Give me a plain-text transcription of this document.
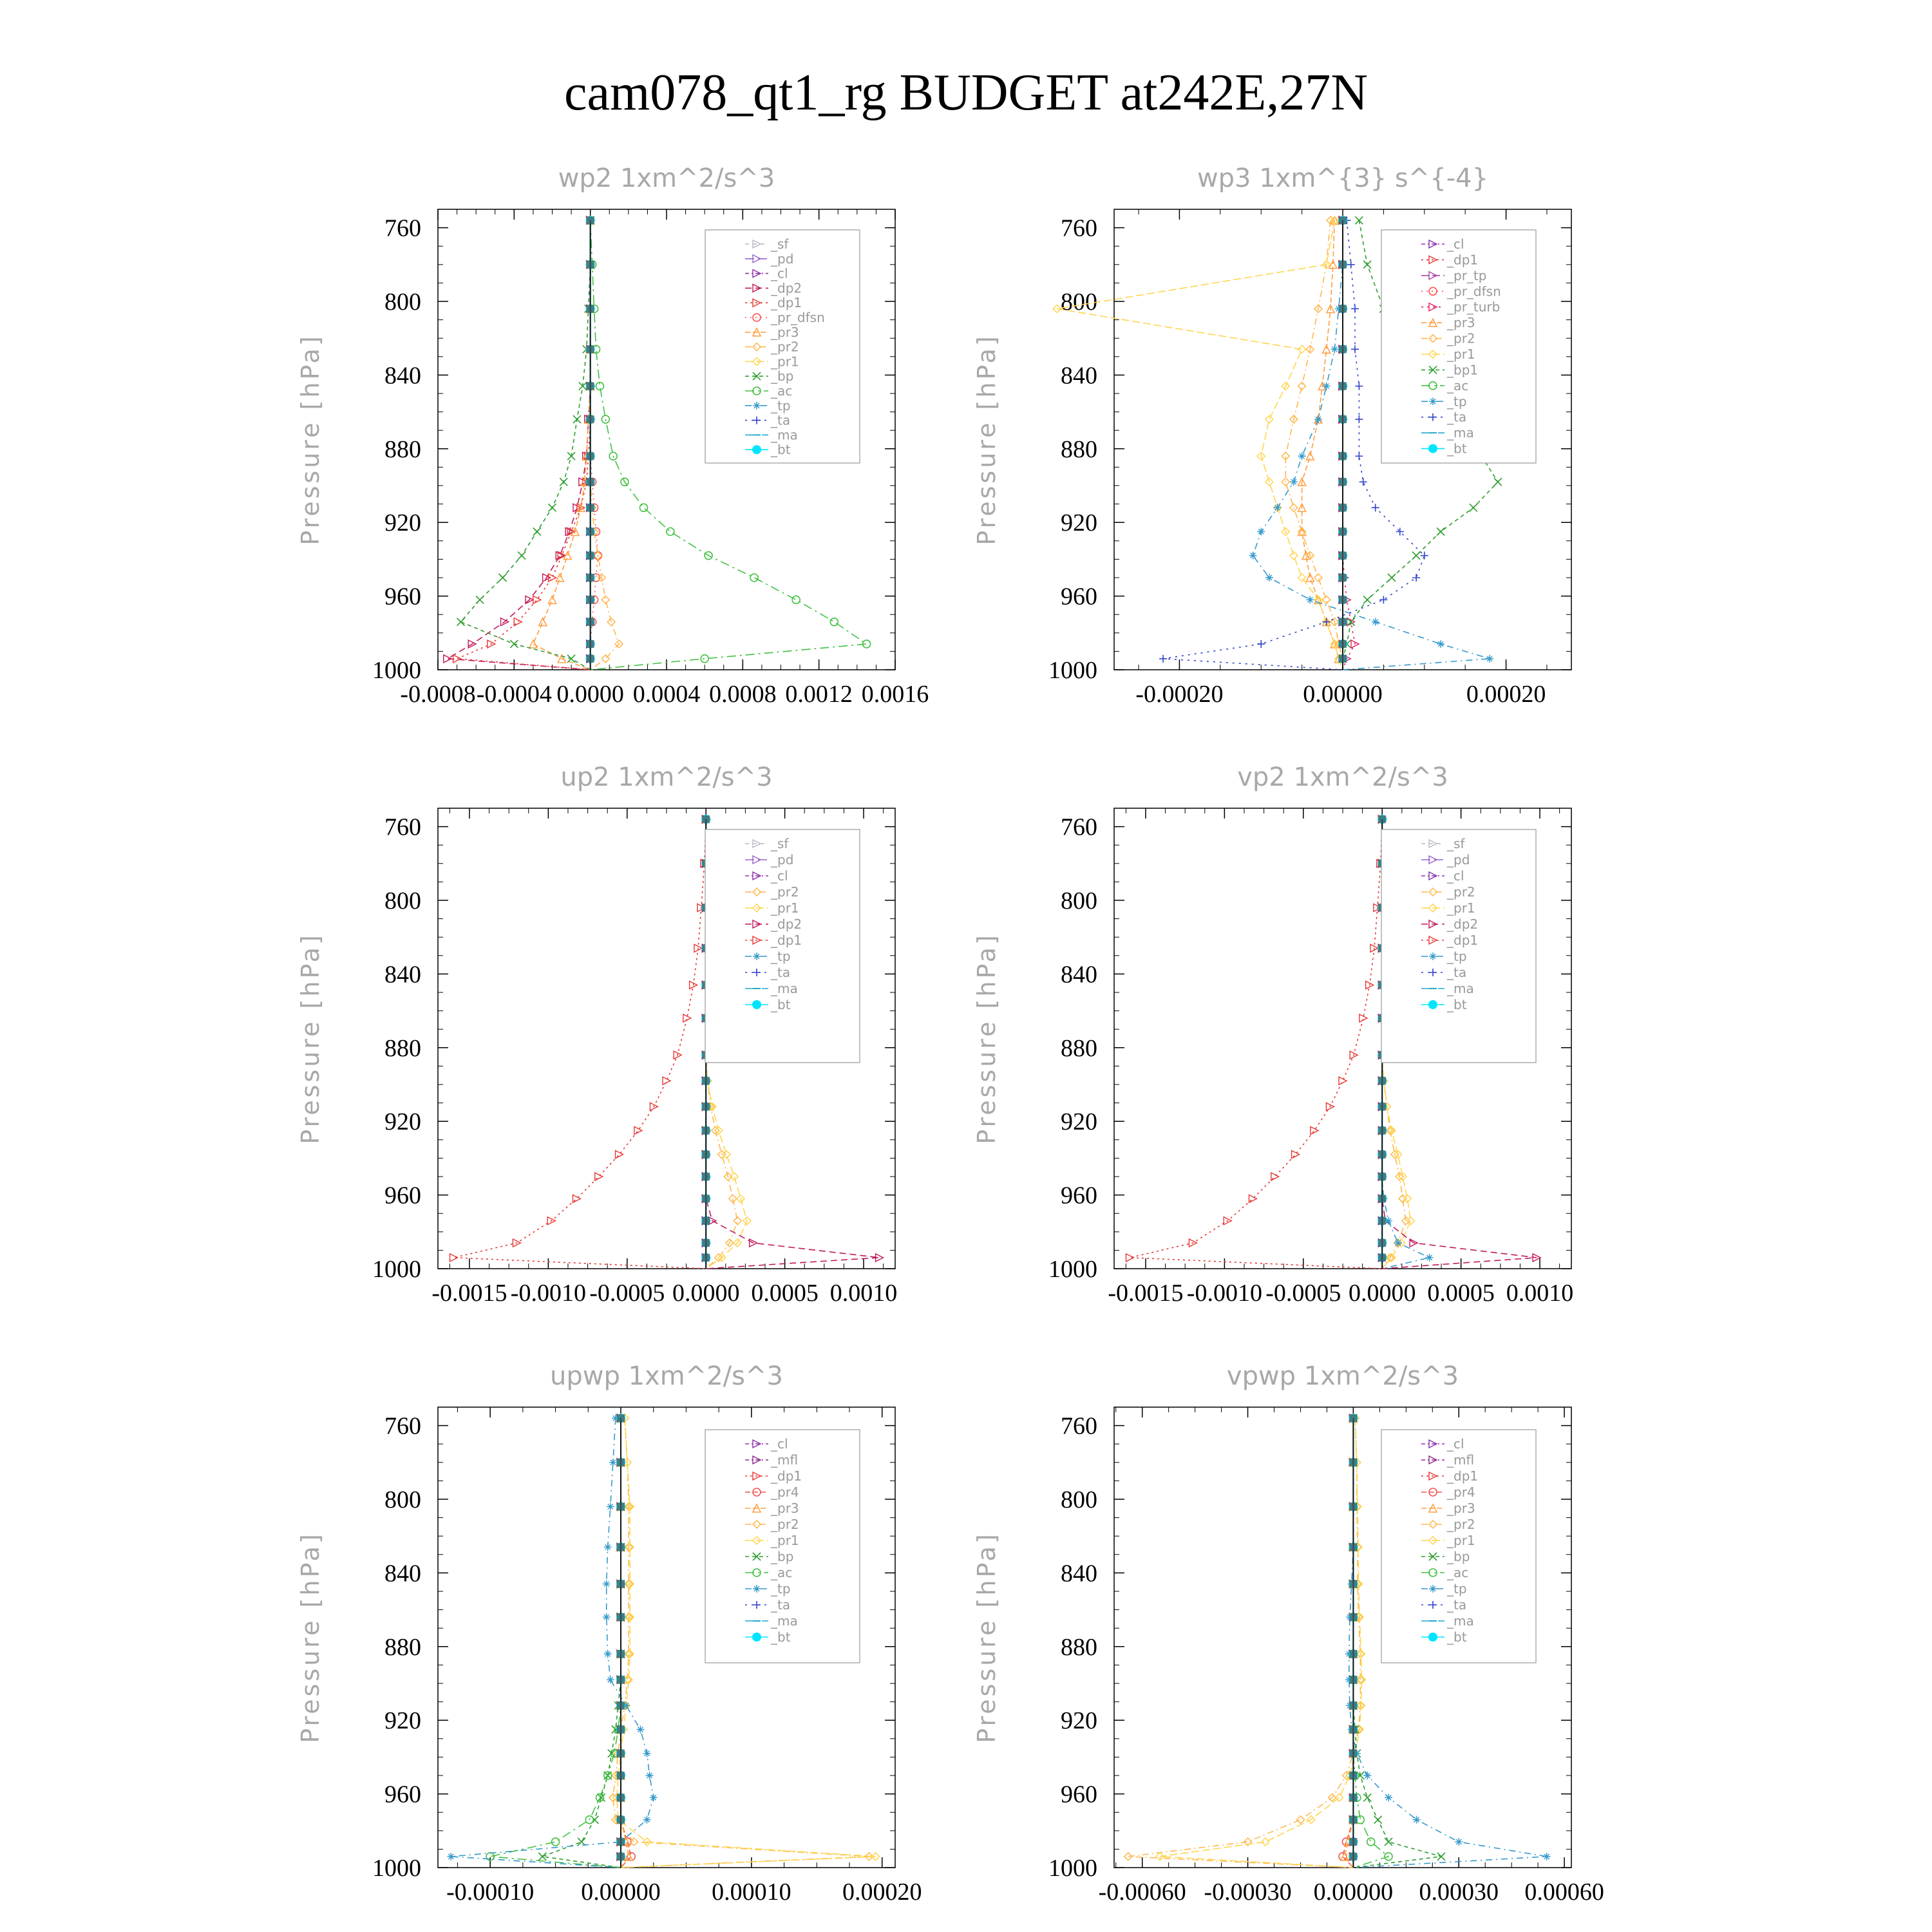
cam078_qt1_rg BUDGET at242E,27N
wp2 1xm^2/s^3
Pressure [hPa]
760
800
840
880
920
960
1000
-0.0008 -0.0004 0.0000 0.0004 0.0008 0.0012 0.0016
_sf
_pd
_cl
_dp2
_dp1
_pr_dfsn
_pr3
_pr2
_pr1
_bp
_ac
_tp
_ta
_ma
_bt
wp3 1xm^{3} s^{-4}
Pressure [hPa]
760
800
840
880
920
960
1000
-0.00020	0.00000	0.00020
_cl
_dp1
_pr_tp
_pr_dfsn
_pr_turb
_pr3
_pr2
_pr1
_bp1
_ac
_tp
_ta
_ma
_bt
up2 1xm^2/s^3
Pressure [hPa]
760
800
840
880
920
960
1000
-0.0015 -0.0010 -0.0005 0.0000 0.0005 0.0010
_sf
_pd
_cl
_pr2
_pr1
_dp2
_dp1
_tp
_ta
_ma
_bt
vp2 1xm^2/s^3
Pressure [hPa]
760
800
840
880
920
960
1000
-0.0015 -0.0010 -0.0005 0.0000 0.0005 0.0010
_sf
_pd
_cl
_pr2
_pr1
_dp2
_dp1
_tp
_ta
_ma
_bt
upwp 1xm^2/s^3
Pressure [hPa]
760
800
840
880
920
960
1000
-0.00010 0.00000 0.00010 0.00020
_cl
_mfl
_dp1
_pr4
_pr3
_pr2
_pr1
_bp
_ac
_tp
_ta
_ma
_bt
vpwp 1xm^2/s^3
Pressure [hPa]
760
800
840
880
920
960
1000
-0.00060 -0.00030 0.00000 0.00030 0.00060
_cl
_mfl
_dp1
_pr4
_pr3
_pr2
_pr1
_bp
_ac
_tp
_ta
_ma
_bt
